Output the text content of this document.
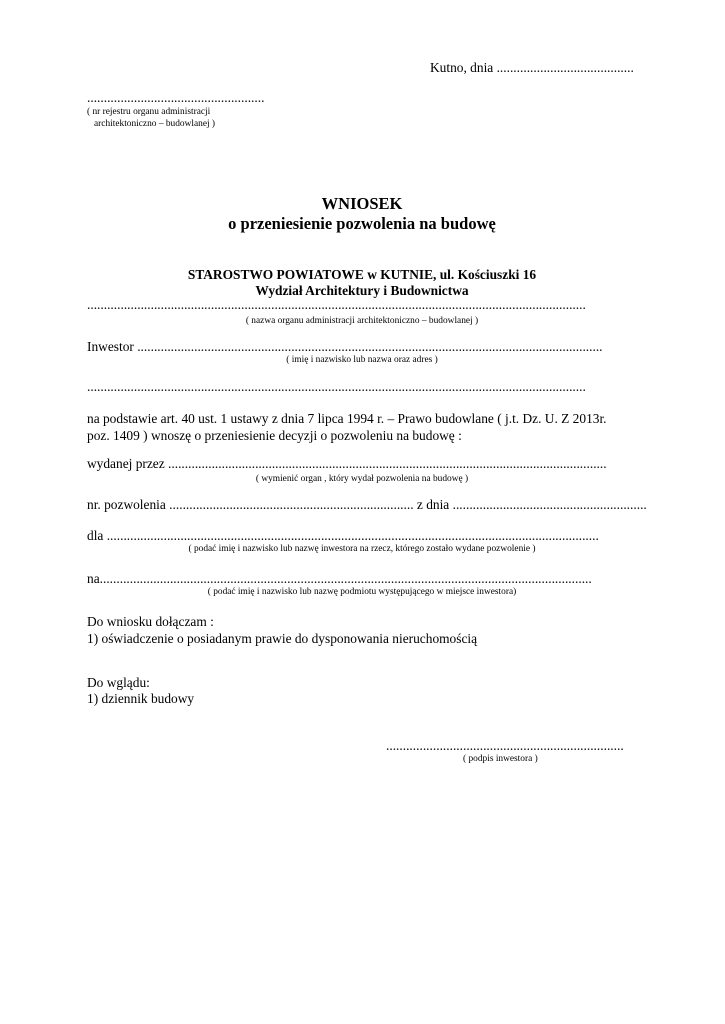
Kutno, dnia .........................................
.....................................................
( nr rejestru organu administracji
architektoniczno – budowlanej )
WNIOSEK
o przeniesienie pozwolenia na budowę
STAROSTWO POWIATOWE w KUTNIE, ul. Kościuszki 16
Wydział Architektury i Budownictwa
.....................................................................................................................................................
( nazwa organu administracji architektoniczno – budowlanej )
Inwestor ...........................................................................................................................................
( imię i nazwisko lub nazwa oraz adres )
.....................................................................................................................................................
na podstawie art. 40 ust. 1 ustawy z dnia 7 lipca 1994 r. – Prawo budowlane ( j.t. Dz. U. Z 2013r.
poz. 1409 ) wnoszę o przeniesienie decyzji o pozwoleniu na budowę :
wydanej przez ...................................................................................................................................
( wymienić organ , który wydał pozwolenia na budowę )
nr. pozwolenia ......................................................................... z dnia ..........................................................
dla ...................................................................................................................................................
( podać imię i nazwisko lub nazwę inwestora na rzecz, którego zostało wydane pozwolenie )
na...................................................................................................................................................
( podać imię i nazwisko lub nazwę podmiotu występującego w miejsce inwestora)
Do wniosku dołączam :
1) oświadczenie o posiadanym prawie do dysponowania nieruchomością
Do wglądu:
1) dziennik budowy
.......................................................................
( podpis inwestora )
